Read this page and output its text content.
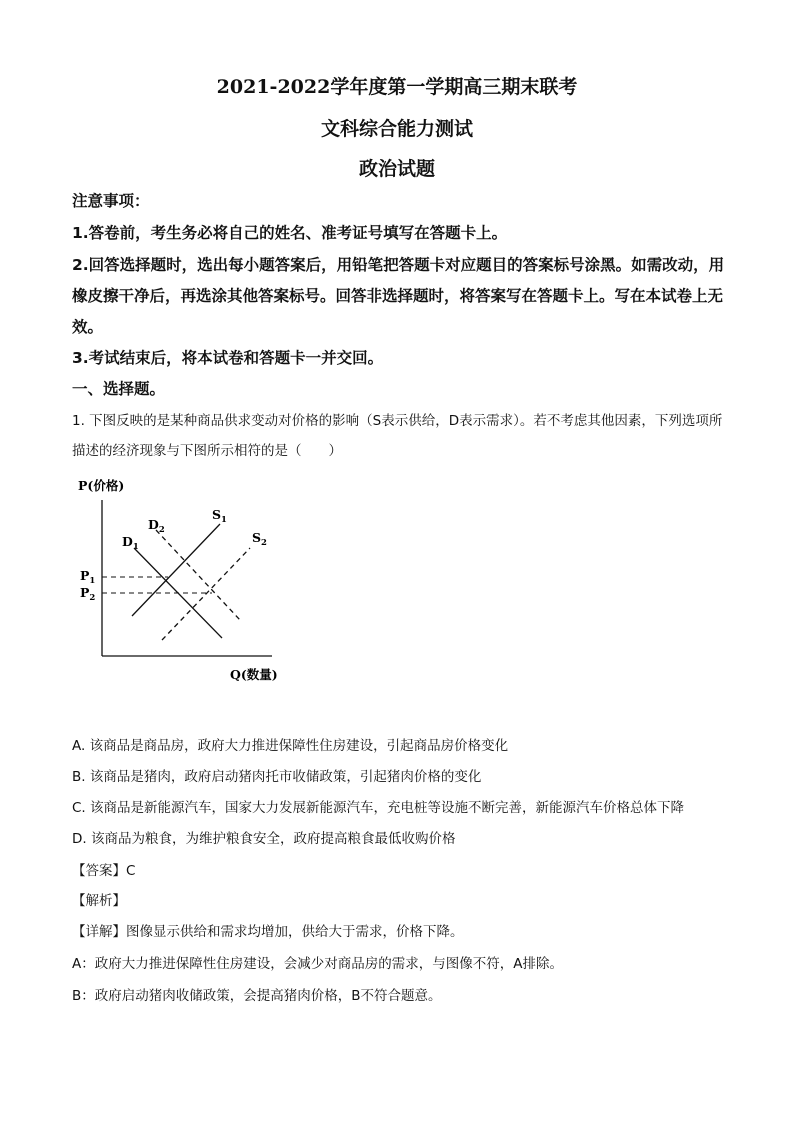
2021-2022学年度第一学期高三期末联考
文科综合能力测试
政治试题
注意事项：
1.答卷前，考生务必将自己的姓名、准考证号填写在答题卡上。
2.回答选择题时，选出每小题答案后，用铅笔把答题卡对应题目的答案标号涂黑。如需改动，用橡皮擦干净后，再选涂其他答案标号。回答非选择题时，将答案写在答题卡上。写在本试卷上无效。
3.考试结束后，将本试卷和答题卡一并交回。
一、选择题。
1. 下图反映的是某种商品供求变动对价格的影响（S表示供给，D表示需求）。若不考虑其他因素，下列选项所描述的经济现象与下图所示相符的是（　　）
P(价格)
Q(数量)
$S_1$
$D_2$
$D_1$
$S_2$
$P_1$
$P_2$
A. 该商品是商品房，政府大力推进保障性住房建设，引起商品房价格变化
B. 该商品是猪肉，政府启动猪肉托市收储政策，引起猪肉价格的变化
C. 该商品是新能源汽车，国家大力发展新能源汽车，充电桩等设施不断完善，新能源汽车价格总体下降
D. 该商品为粮食，为维护粮食安全，政府提高粮食最低收购价格
【答案】C
【解析】
【详解】图像显示供给和需求均增加，供给大于需求，价格下降。
A：政府大力推进保障性住房建设，会减少对商品房的需求，与图像不符，A排除。
B：政府启动猪肉收储政策，会提高猪肉价格，B不符合题意。
